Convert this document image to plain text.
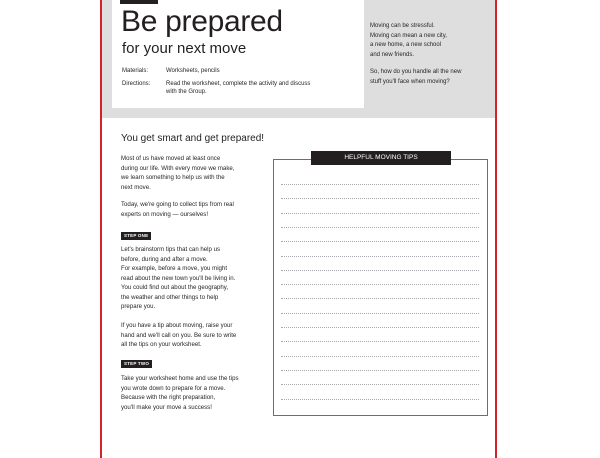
Be prepared
for your next move
Materials:	Worksheets, pencils
Directions:	Read the worksheet, complete the activity and discuss
with the Group.
Moving can be stressful.
Moving can mean a new city,
a new home, a new school
and new friends.
So, how do you handle all the new
stuff you'll face when moving?
You get smart and get prepared!

Most of us have moved at least once
during our life. With every move we make,
we learn something to help us with the
next move.

Today, we're going to collect tips from real
experts on moving — ourselves!

STEP ONE

Let's brainstorm tips that can help us
before, during and after a move.
For example, before a move, you might
read about the new town you'll be living in.
You could find out about the geography,
the weather and other things to help
prepare you.

If you have a tip about moving, raise your
hand and we'll call on you. Be sure to write
all the tips on your worksheet.

STEP TWO

Take your worksheet home and use the tips
you wrote down to prepare for a move.
Because with the right preparation,
you'll make your move a success!

HELPFUL MOVING TIPS
